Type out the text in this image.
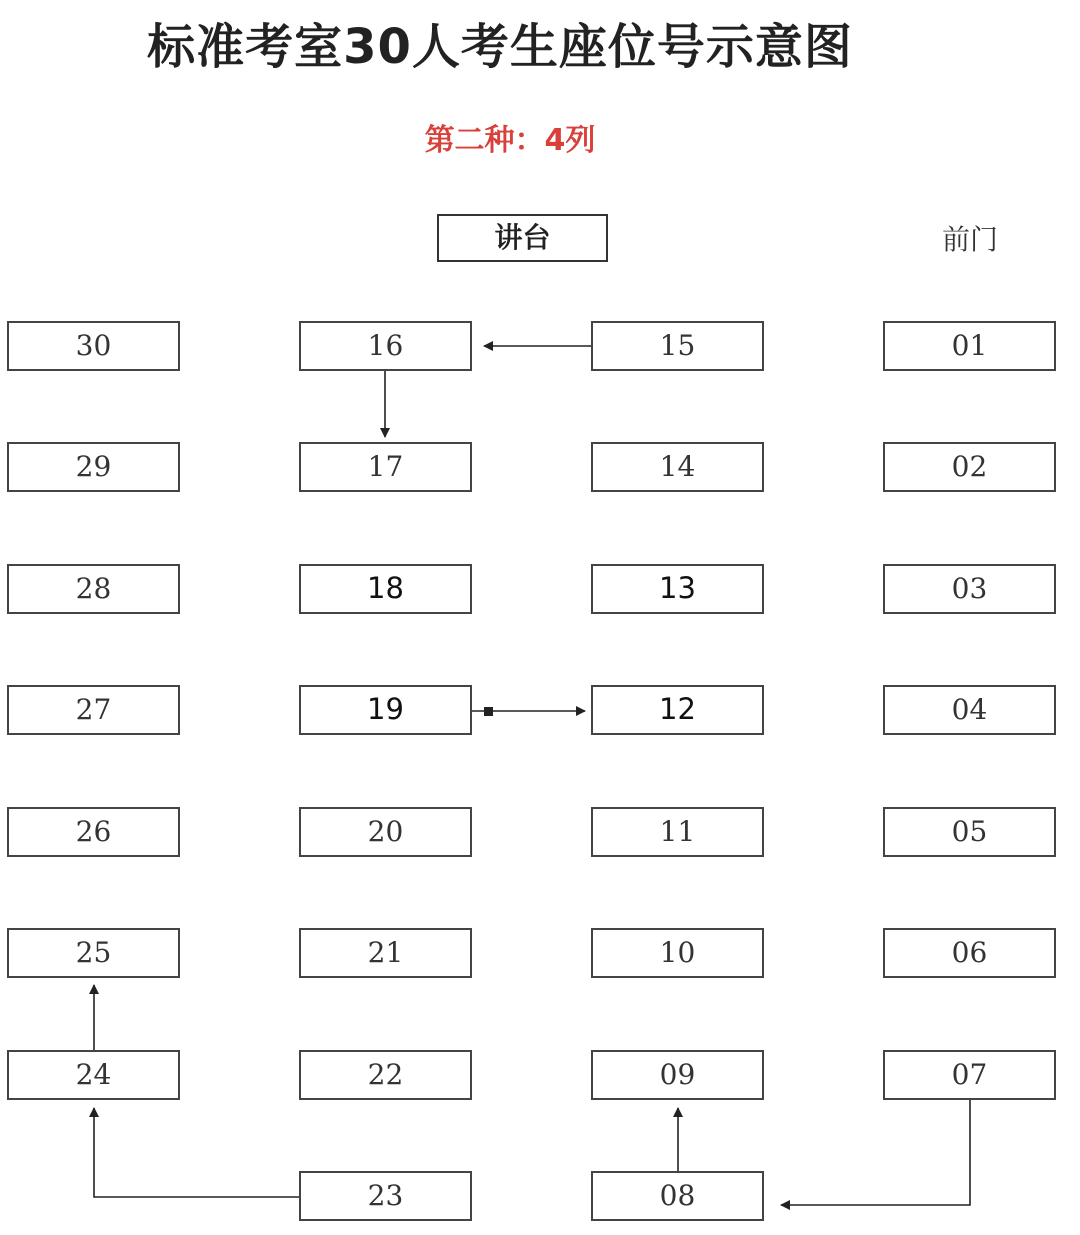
标准考室30人考生座位号示意图
第二种：4列
讲台	前门
30
29
28
27
26
25
24
16
17
18
19
20
21
22
23
15
14
13
12
11
10
09
08
01
02
03
04
05
06
07
